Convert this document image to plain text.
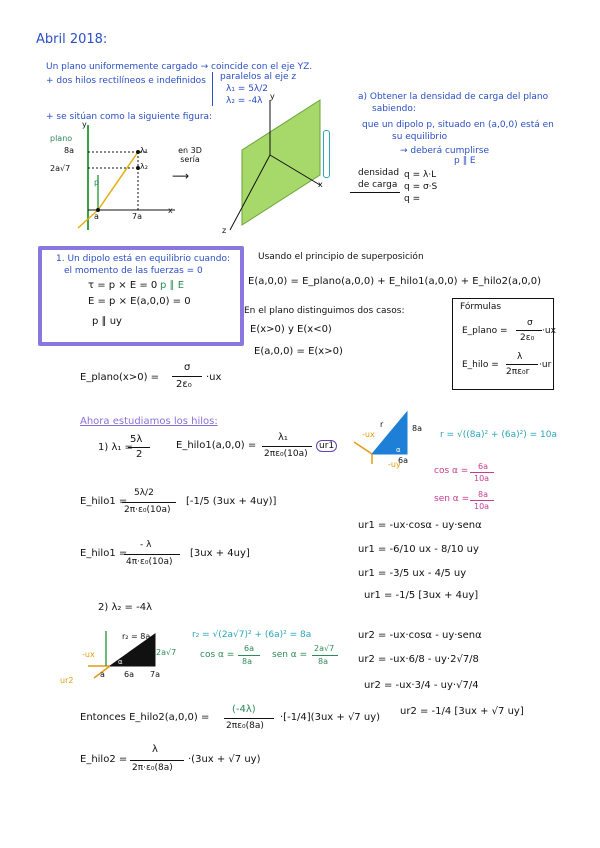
Abril 2018:
Un plano uniformemente cargado → coincide con el eje YZ.
+ dos hilos rectilíneos e indefinidos paralelos al eje z
λ₁ = 5λ/2
λ₂ = -4λ
+ se sitúan como la siguiente figura:
y
plano
8a
2a√7
λ₁
λ₂
p
a	7a
x
en 3D sería
⟶
y
x
z
a) Obtener la densidad de carga del plano
sabiendo:
que un dipolo p, situado en (a,0,0) está en
su equilibrio
→ deberá cumplirse
p ∥ E
densidad
de carga
q = λ·L
q = σ·S
q =
1. Un dipolo está en equilibrio cuando:
el momento de las fuerzas = 0
τ = p × E = 0 p ∥ E
E = p × E(a,0,0) = 0
p ∥ uy
Usando el principio de superposición
E(a,0,0) = E_plano(a,0,0) + E_hilo1(a,0,0) + E_hilo2(a,0,0)
En el plano distinguimos dos casos:
E(x>0) y E(x<0)
E(a,0,0) = E(x>0)
Fórmulas
E_plano =
σ
2ε₀
·ux
E_hilo =
λ
2πε₀r
·ur
E_plano(x>0) =
σ
2ε₀
·ux
Ahora estudiamos los hilos:
1) λ₁ =
5λ
2
E_hilo1(a,0,0) =
λ₁
2πε₀(10a)
ur1
-ux
-uy
r	8a
6a
α
r = √((8a)² + (6a)²) = 10a
cos α = 6a
10a
sen α = 8a
10a
E_hilo1 =
5λ/2
2π·ε₀(10a)
[-1/5 (3ux + 4uy)]
E_hilo1 =
- λ
4π·ε₀(10a)
[3ux + 4uy]
ur1 = -ux·cosα - uy·senα
ur1 = -6/10 ux - 8/10 uy
ur1 = -3/5 ux - 4/5 uy
ur1 = -1/5 [3ux + 4uy]
2) λ₂ = -4λ
r₂ = 8a
2a√7
-ux
ur2
a 6a 7a
α
r₂ = √(2a√7)² + (6a)² = 8a
cos α =
6a
8a
sen α =
2a√7
8a
ur2 = -ux·cosα - uy·senα
ur2 = -ux·6/8 - uy·2√7/8
ur2 = -ux·3/4 - uy·√7/4
ur2 = -1/4 [3ux + √7 uy]
Entonces E_hilo2(a,0,0) =
(-4λ)
2πε₀(8a)
·[-1/4](3ux + √7 uy)
E_hilo2 =
λ
2π·ε₀(8a)
·(3ux + √7 uy)
